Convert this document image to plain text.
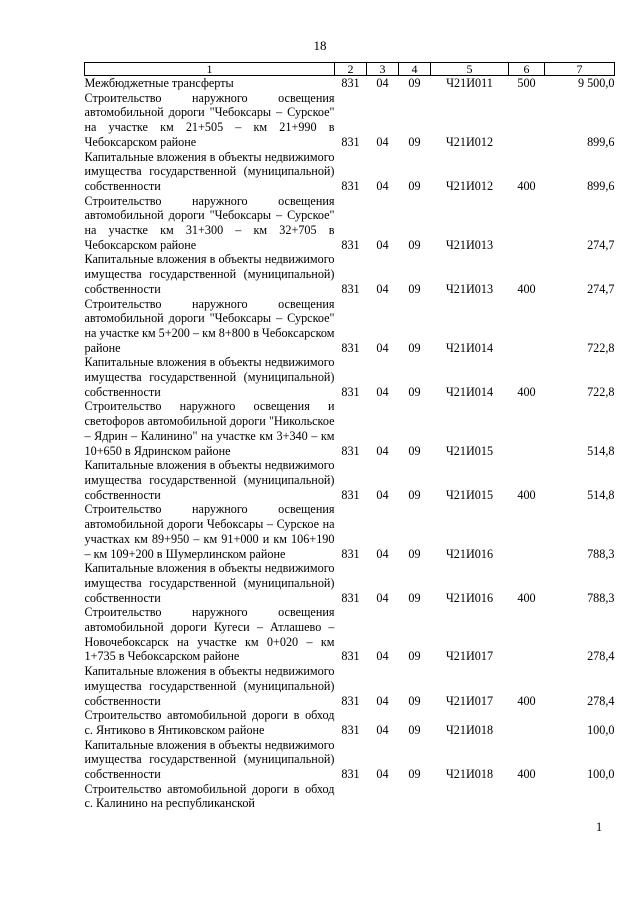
18
1	2	3	4	5	6	7
Межбюджетные трансферты	831	04	09	Ч21И011	500	9 500,0
Строительство наружного освещения автомобильной дороги "Чебоксары – Сурское" на участке км 21+505 – км 21+990 в Чебоксарском районе	831	04	09	Ч21И012		899,6
Капитальные вложения в объекты недвижимого имущества государственной (муниципальной) собственности	831	04	09	Ч21И012	400	899,6
Строительство наружного освещения автомобильной дороги "Чебоксары – Сурское" на участке км 31+300 – км 32+705 в Чебоксарском районе	831	04	09	Ч21И013		274,7
Капитальные вложения в объекты недвижимого имущества государственной (муниципальной) собственности	831	04	09	Ч21И013	400	274,7
Строительство наружного освещения автомобильной дороги "Чебоксары – Сурское" на участке км 5+200 – км 8+800 в Чебоксарском районе	831	04	09	Ч21И014		722,8
Капитальные вложения в объекты недвижимого имущества государственной (муниципальной) собственности	831	04	09	Ч21И014	400	722,8
Строительство наружного освещения и светофоров автомобильной дороги "Никольское – Ядрин – Калинино" на участке км 3+340 – км 10+650 в Ядринском районе	831	04	09	Ч21И015		514,8
Капитальные вложения в объекты недвижимого имущества государственной (муниципальной) собственности	831	04	09	Ч21И015	400	514,8
Строительство наружного освещения автомобильной дороги Чебоксары – Сурское на участках км 89+950 – км 91+000 и км 106+190 – км 109+200 в Шумерлинском районе	831	04	09	Ч21И016		788,3
Капитальные вложения в объекты недвижимого имущества государственной (муниципальной) собственности	831	04	09	Ч21И016	400	788,3
Строительство наружного освещения автомобильной дороги Кугеси – Атлашево – Новочебоксарск на участке км 0+020 – км 1+735 в Чебоксарском районе	831	04	09	Ч21И017		278,4
Капитальные вложения в объекты недвижимого имущества государственной (муниципальной) собственности	831	04	09	Ч21И017	400	278,4
Строительство автомобильной дороги в обход с. Янтиково в Янтиковском районе	831	04	09	Ч21И018		100,0
Капитальные вложения в объекты недвижимого имущества государственной (муниципальной) собственности	831	04	09	Ч21И018	400	100,0
Строительство автомобильной дороги в обход с. Калинино на республиканской						
1
